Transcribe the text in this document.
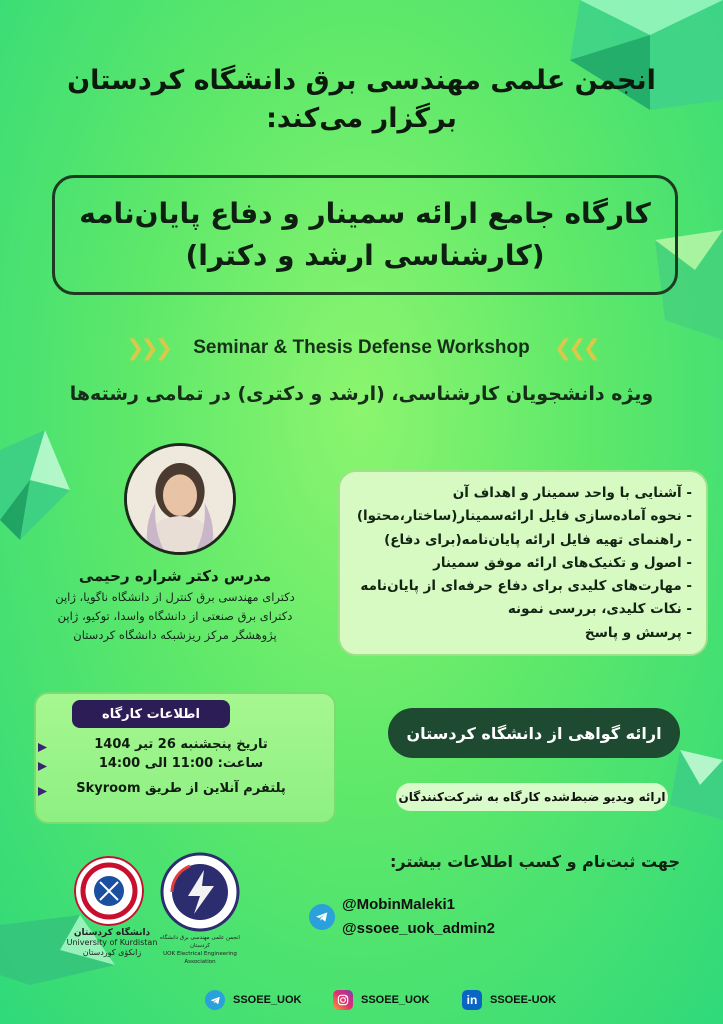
انجمن علمی مهندسی برق دانشگاه کردستان
برگزار می‌کند:
کارگاه جامع ارائه سمینار و دفاع پایان‌نامه
(کارشناسی ارشد و دکترا)
❯❯❯ Seminar & Thesis Defense Workshop ❮❮❮
ویژه دانشجویان کارشناسی، (ارشد و دکتری) در تمامی رشته‌ها
مدرس دکتر شراره رحیمی
دکترای مهندسی برق کنترل از دانشگاه ناگویا، ژاپن
دکترای برق صنعتی از دانشگاه واسدا، توکیو، ژاپن
پژوهشگر مرکز ریزشبکه دانشگاه کردستان
- آشنایی با واحد سمینار و اهداف آن
- نحوه آماده‌سازی فایل ارائه‌سمینار(ساختار،محتوا)
- راهنمای تهیه فایل ارائه پایان‌نامه(برای دفاع)
- اصول و تکنیک‌های ارائه موفق سمینار
- مهارت‌های کلیدی برای دفاع حرفه‌ای از پایان‌نامه
- نکات کلیدی، بررسی نمونه
- پرسش و پاسخ
اطلاعات کارگاه
تاریخ پنجشنبه 26 تیر 1404
ساعت: 11:00 الی 14:00
پلتفرم آنلاین از طریق Skyroom
ارائه گواهی از دانشگاه کردستان
ارائه ویدیو ضبط‌شده کارگاه به شرکت‌کنندگان
جهت ثبت‌نام و کسب اطلاعات بیشتر:
@MobinMaleki1
@ssoee_uok_admin2
دانشگاه کردستان
University of Kurdistan
زانکۆی کوردستان
انجمن علمی مهندسی برق دانشگاه کردستان
UOK Electrical Engineering Association
SSOEE_UOK	SSOEE_UOK	in SSOEE-UOK
